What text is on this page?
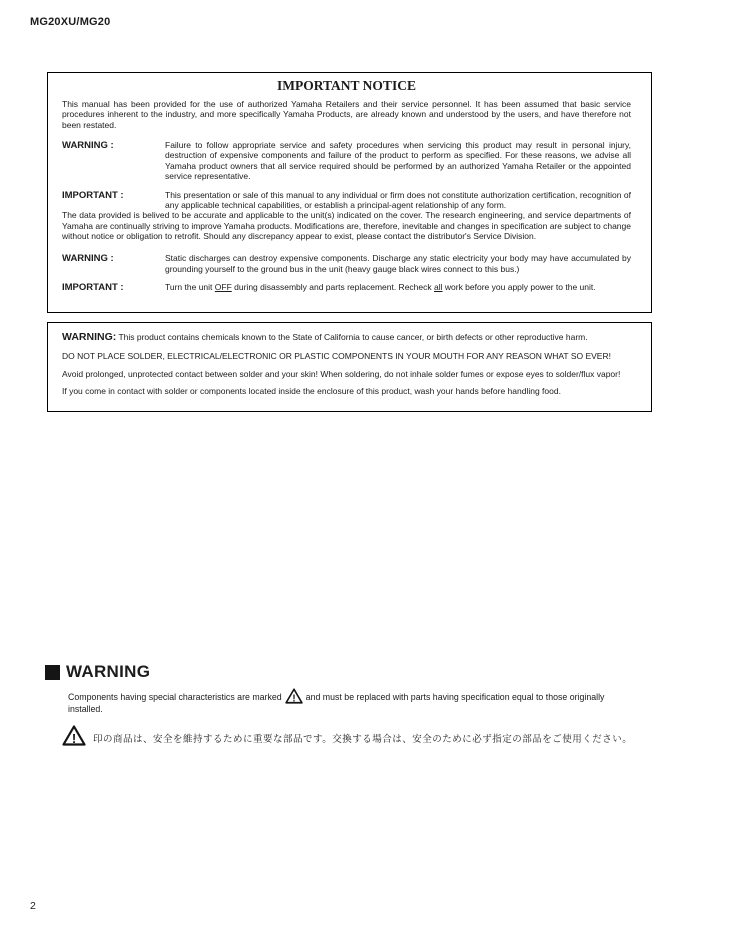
MG20XU/MG20

IMPORTANT NOTICE

This manual has been provided for the use of authorized Yamaha Retailers and their service personnel. It has been assumed that basic service procedures inherent to the industry, and more specifically Yamaha Products, are already known and understood by the users, and have therefore not been restated.

WARNING :	Failure to follow appropriate service and safety procedures when servicing this product may result in personal injury, destruction of expensive components and failure of the product to perform as specified. For these reasons, we advise all Yamaha product owners that all service required should be performed by an authorized Yamaha Retailer or the appointed service representative.
IMPORTANT :	This presentation or sale of this manual to any individual or firm does not constitute authorization certification, recognition of any applicable technical capabilities, or establish a principal-agent relationship of any form.

The data provided is belived to be accurate and applicable to the unit(s) indicated on the cover. The research engineering, and service departments of Yamaha are continually striving to improve Yamaha products. Modifications are, therefore, inevitable and changes in specification are subject to change without notice or obligation to retrofit. Should any discrepancy appear to exist, please contact the distributor's Service Division.

WARNING :	Static discharges can destroy expensive components. Discharge any static electricity your body may have accumulated by grounding yourself to the ground bus in the unit (heavy gauge black wires connect to this bus.)
IMPORTANT :	Turn the unit OFF during disassembly and parts replacement. Recheck all work before you apply power to the unit.

WARNING: This product contains chemicals known to the State of California to cause cancer, or birth defects or other reproductive harm.

DO NOT PLACE SOLDER, ELECTRICAL/ELECTRONIC OR PLASTIC COMPONENTS IN YOUR MOUTH FOR ANY REASON WHAT SO EVER!

Avoid prolonged, unprotected contact between solder and your skin! When soldering, do not inhale solder fumes or expose eyes to solder/flux vapor!

If you come in contact with solder or components located inside the enclosure of this product, wash your hands before handling food.

WARNING
Components having special characteristics are marked ! and must be replaced with parts having specification equal to those originally installed.
! 印の商品は、安全を維持するために重要な部品です。交換する場合は、安全のために必ず指定の部品をご使用ください。
2
